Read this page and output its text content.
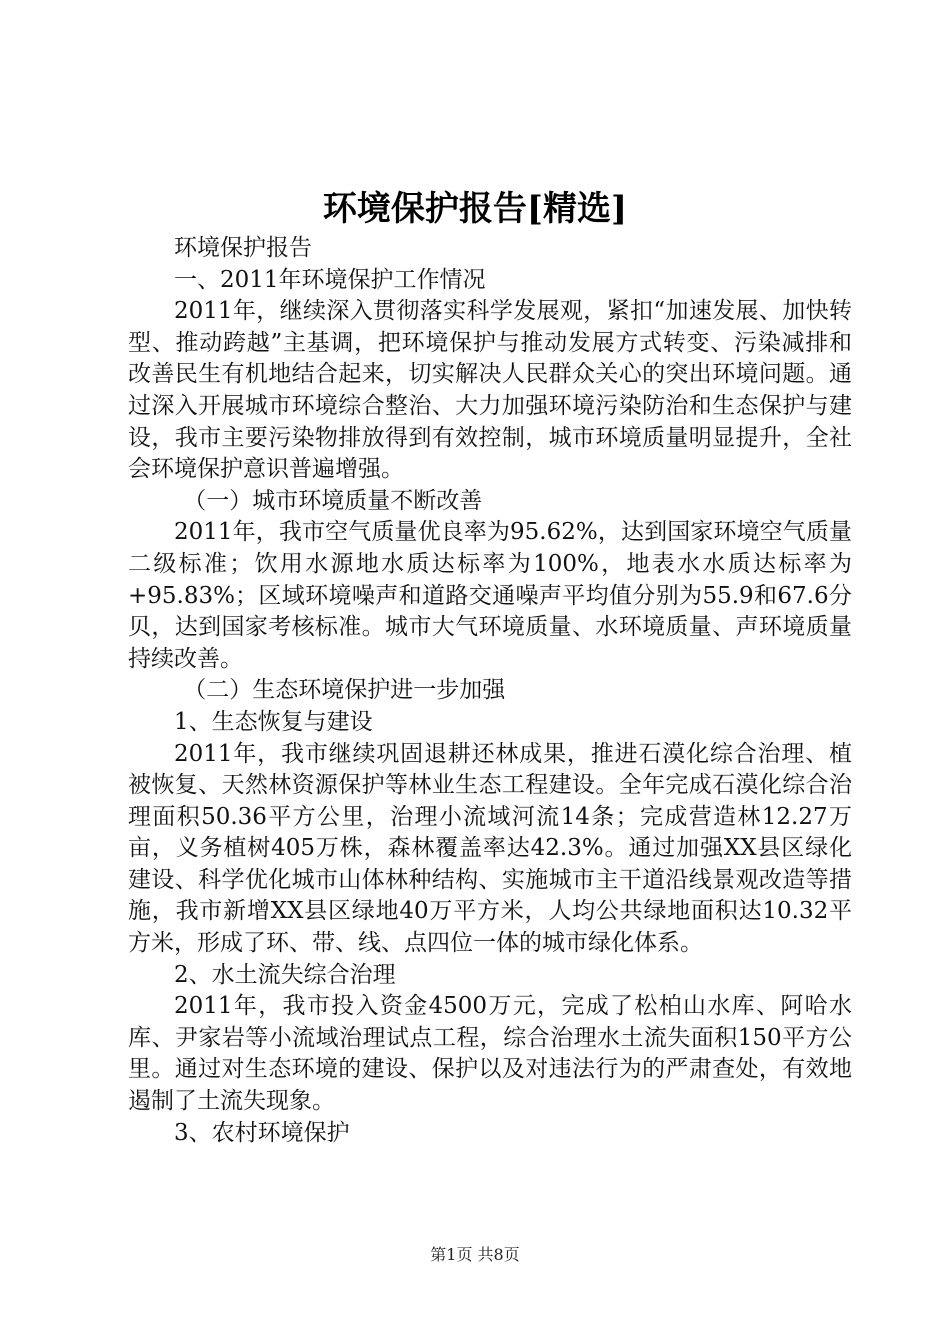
环境保护报告[精选]

环境保护报告

一、2011年环境保护工作情况

2011年，继续深入贯彻落实科学发展观，紧扣“加速发展、加快转型、推动跨越”主基调，把环境保护与推动发展方式转变、污染减排和改善民生有机地结合起来，切实解决人民群众关心的突出环境问题。通过深入开展城市环境综合整治、大力加强环境污染防治和生态保护与建设，我市主要污染物排放得到有效控制，城市环境质量明显提升，全社会环境保护意识普遍增强。

（一）城市环境质量不断改善

2011年，我市空气质量优良率为95.62%，达到国家环境空气质量二级标准；饮用水源地水质达标率为100%，地表水水质达标率为+95.83%；区域环境噪声和道路交通噪声平均值分别为55.9和67.6分贝，达到国家考核标准。城市大气环境质量、水环境质量、声环境质量持续改善。

（二）生态环境保护进一步加强

1、生态恢复与建设

2011年，我市继续巩固退耕还林成果，推进石漠化综合治理、植被恢复、天然林资源保护等林业生态工程建设。全年完成石漠化综合治理面积50.36平方公里，治理小流域河流14条；完成营造林12.27万亩，义务植树405万株，森林覆盖率达42.3%。通过加强XX县区绿化建设、科学优化城市山体林种结构、实施城市主干道沿线景观改造等措施，我市新增XX县区绿地40万平方米，人均公共绿地面积达10.32平方米，形成了环、带、线、点四位一体的城市绿化体系。

2、水土流失综合治理

2011年，我市投入资金4500万元，完成了松柏山水库、阿哈水库、尹家岩等小流域治理试点工程，综合治理水土流失面积150平方公里。通过对生态环境的建设、保护以及对违法行为的严肃查处，有效地遏制了土流失现象。

3、农村环境保护

第1页 共8页
